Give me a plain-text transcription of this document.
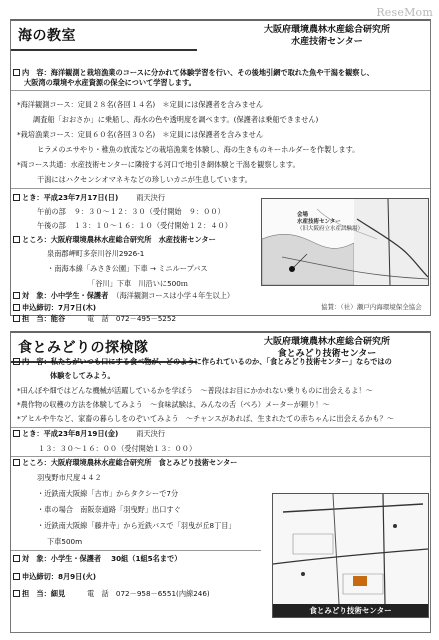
ReseMom
海の教室	大阪府環境農林水産総合研究所
水産技術センター
内　容：海洋観測と栽培漁業のコースに分かれて体験学習を行い、その後地引網で取れた魚や干潟を観察し、
大阪湾の環境や水産資源の保全について学習します。
*海洋観測コース：定員２８名(各回１４名)　＊定員には保護者を含みません
調査船「おおさか」に乗船し、海水の色や透明度を調べます。(保護者は乗船できません)
*栽培漁業コース：定員６０名(各回３０名)　＊定員には保護者を含みません
ヒラメのエサやり・稚魚の放流などの栽培漁業を体験し、海の生きものキーホルダーを作製します。
*両コース共通：水産技術センターに隣接する河口で地引き網体験と干潟を観察します。
干潟にはハクセンシオマネキなどの珍しいカニが生息しています。
とき：平成23年7月17日(日)	雨天決行
午前の部 ９：３０～１２：３０（受付開始　９：００）
午後の部 １３：１０～１６：１０（受付開始１２：４０）
ところ：大阪府環境農林水産総合研究所　水産技術センター
泉南郡岬町多奈川谷川2926-1
・南海本線「みさき公園」下車 → ミニループバス
「谷川」下車　川沿いに500ｍ
対　象：小中学生・保護者 （海洋観測コースは小学４年生以上）
申込締切：7月7日(木)
担　当：能谷	電　話　072－495－5252
会場
水産技術センター
（旧大阪府立水産試験場）
協賛：（社）瀬戸内海環境保全協会
食とみどりの探検隊	大阪府環境農林水産総合研究所
食とみどり技術センター
内　容：私たちがいつも口にする食べ物が、どのように作られているのか、「食とみどり技術センター」ならではの
体験をしてみよう。
*田んぼや畑ではどんな機械が活躍しているかを学ぼう　～普段はお目にかかれない乗りものに出会えるよ！～
*農作物の収穫の方法を体験してみよう　～食味試験は、みんなの舌（べろ）メーターが頼り！～
*アヒルや牛など、家畜の暮らしをのぞいてみよう　～チャンスがあれば、生まれたての赤ちゃんに出会えるかも？～
とき：平成23年8月19日(金)	雨天決行
１３：３０～１６：００（受付開始１３：００）
ところ：大阪府環境農林水産総合研究所　食とみどり技術センター
羽曳野市尺度４４２
・近鉄南大阪線「古市」からタクシーで7分
・車の場合　南阪奈道路「羽曳野」出口すぐ
・近鉄南大阪線「藤井寺」から近鉄バスで「羽曳が丘8丁目」
下車500m
対　象：小学生・保護者 30組（1組5名まで）
申込締切：8月9日(火)
担　当：細見	電　話　072－958－6551(内線246)
食とみどり技術センター
